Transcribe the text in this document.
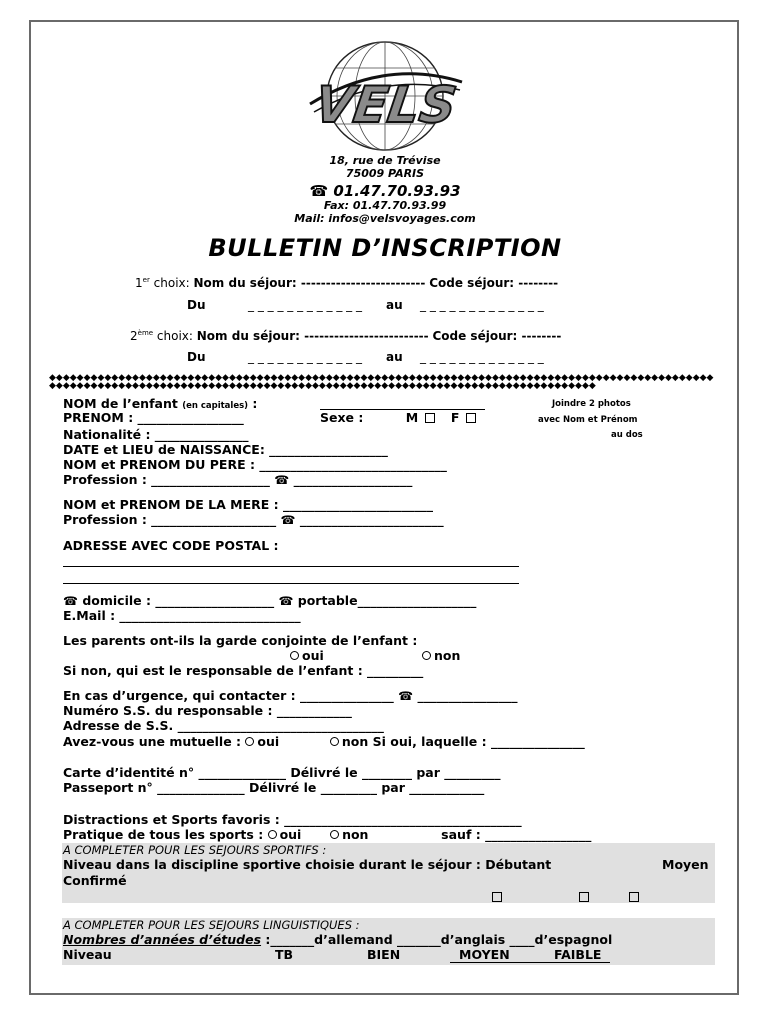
VELS
18, rue de Trévise
75009 PARIS
☎ 01.47.70.93.93
Fax: 01.47.70.93.99
Mail: infos@velsvoyages.com
BULLETIN D’INSCRIPTION
1er choix: Nom du séjour: ------------------------- Code séjour: --------
Du	_ _ _ _ _ _ _ _ _ _ _ _ au _ _ _ _ _ _ _ _ _ _ _ _ _
2ème choix: Nom du séjour: ------------------------- Code séjour: --------
Du	_ _ _ _ _ _ _ _ _ _ _ _ au _ _ _ _ _ _ _ _ _ _ _ _ _
◆◆◆◆◆◆◆◆◆◆◆◆◆◆◆◆◆◆◆◆◆◆◆◆◆◆◆◆◆◆◆◆◆◆◆◆◆◆◆◆◆◆◆◆◆◆◆◆◆◆◆◆◆◆◆◆◆◆◆◆◆◆◆◆◆◆◆◆◆◆◆◆◆◆◆◆◆◆◆◆◆◆◆◆◆◆◆◆◆◆◆◆◆◆◆◆◆◆◆◆◆◆◆◆◆◆◆◆◆◆◆◆◆◆◆◆◆◆◆◆◆◆◆◆◆◆◆◆◆◆◆◆◆◆◆◆◆◆◆◆◆◆◆◆◆◆◆◆◆◆◆◆◆◆◆◆◆◆◆◆◆◆◆◆◆◆◆◆◆◆◆◆◆◆◆
NOM de l’enfant (en capitales) :	Joindre 2 photos
PRENOM : _________________	Sexe :	M	F	avec Nom et Prénom
au dos
Nationalité : _______________
DATE et LIEU de NAISSANCE: ___________________
NOM et PRENOM DU PERE : ______________________________
Profession : ___________________ ☎ ___________________
NOM et PRENOM DE LA MERE : ________________________
Profession : ____________________ ☎ _______________________
ADRESSE AVEC CODE POSTAL :
☎ domicile : ___________________ ☎ portable___________________
E.Mail : _____________________________
Les parents ont-ils la garde conjointe de l’enfant :
oui	non
Si non, qui est le responsable de l’enfant : _________
En cas d’urgence, qui contacter : _______________ ☎ ________________
Numéro S.S. du responsable : ____________
Adresse de S.S. _________________________________
Avez-vous une mutuelle : oui	non Si oui, laquelle : _______________
Carte d’identité n° ______________ Délivré le ________ par _________
Passeport n° ______________ Délivré le _________ par ____________
Distractions et Sports favoris : ______________________________________
Pratique de tous les sports : oui	non	sauf : _________________
A COMPLETER POUR LES SEJOURS SPORTIFS :
Niveau dans la discipline sportive choisie durant le séjour : Débutant	Moyen
Confirmé
A COMPLETER POUR LES SEJOURS LINGUISTIQUES :
Nombres d’années d’études :_______d’allemand _______d’anglais ____d’espagnol
Niveau	TB	BIEN	MOYEN	FAIBLE
